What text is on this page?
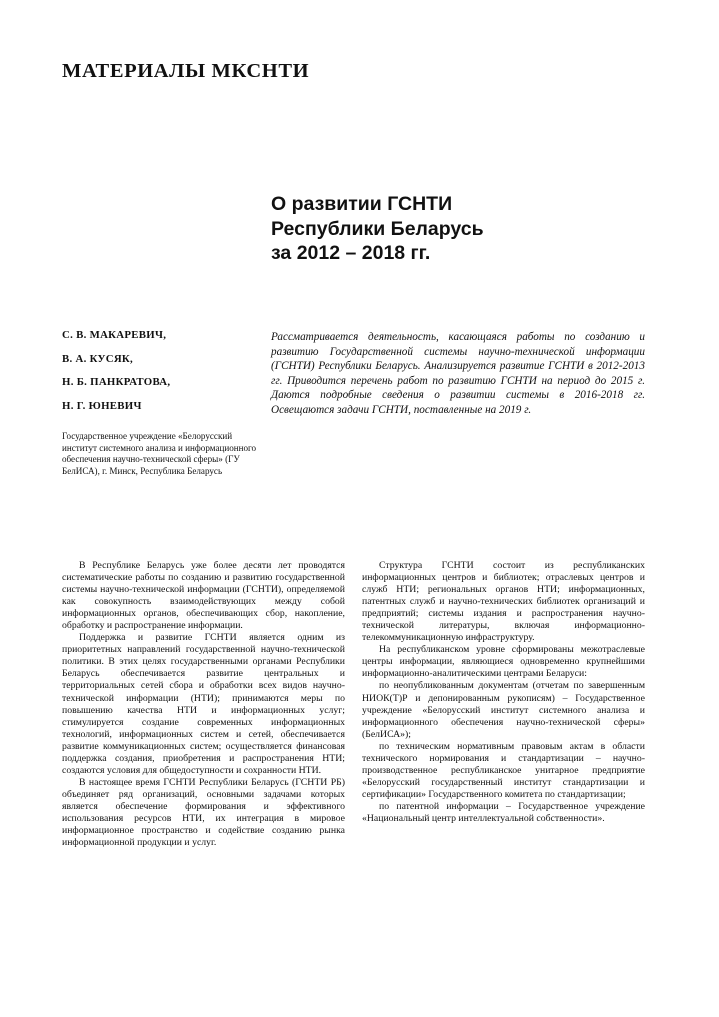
МАТЕРИАЛЫ МКСНТИ
О развитии ГСНТИ
Республики Беларусь
за 2012 – 2018 гг.
С. В. МАКАРЕВИЧ,
В. А. КУСЯК,
Н. Б. ПАНКРАТОВА,
Н. Г. ЮНЕВИЧ
Государственное учреждение «Белорусский институт системного анализа и информационного обеспечения научно-технической сферы» (ГУ БелИСА), г. Минск, Республика Беларусь

Рассматривается деятельность, касающаяся работы по созданию и развитию Государственной системы научно-технической информации (ГСНТИ) Республики Беларусь. Анализируется развитие ГСНТИ в 2012-2013 гг. Приводится перечень работ по развитию ГСНТИ на период до 2015 г. Даются подробные сведения о развитии системы в 2016-2018 гг. Освещаются задачи ГСНТИ, поставленные на 2019 г.

В Республике Беларусь уже более десяти лет проводятся систематические работы по созданию и развитию государственной системы научно-технической информации (ГСНТИ), определяемой как совокупность взаимодействующих между собой информационных органов, обеспечивающих сбор, накопление, обработку и распространение информации.

Поддержка и развитие ГСНТИ является одним из приоритетных направлений государственной научно-технической политики. В этих целях государственными органами Республики Беларусь обеспечивается развитие центральных и территориальных сетей сбора и обработки всех видов научно-технической информации (НТИ); принимаются меры по повышению качества НТИ и информационных услуг; стимулируется создание современных информационных технологий, информационных систем и сетей, обеспечивается развитие коммуникационных систем; осуществляется финансовая поддержка создания, приобретения и распространения НТИ; создаются условия для общедоступности и сохранности НТИ.

В настоящее время ГСНТИ Республики Беларусь (ГСНТИ РБ) объединяет ряд организаций, основными задачами которых является обеспечение формирования и эффективного использования ресурсов НТИ, их интеграция в мировое информационное пространство и содействие созданию рынка информационной продукции и услуг.

Структура ГСНТИ состоит из республиканских информационных центров и библиотек; отраслевых центров и служб НТИ; региональных органов НТИ; информационных, патентных служб и научно-технических библиотек организаций и предприятий; системы издания и распространения научно-технической литературы, включая информационно-телекоммуникационную инфраструктуру.

На республиканском уровне сформированы межотраслевые центры информации, являющиеся одновременно крупнейшими информационно-аналитическими центрами Беларуси:

по неопубликованным документам (отчетам по завершенным НИОК(Т)Р и депонированным рукописям) – Государственное учреждение «Белорусский институт системного анализа и информационного обеспечения научно-технической сферы» (БелИСА»);

по техническим нормативным правовым актам в области технического нормирования и стандартизации – научно-производственное республиканское унитарное предприятие «Белорусский государственный институт стандартизации и сертификации» Государственного комитета по стандартизации;

по патентной информации – Государственное учреждение «Национальный центр интеллектуальной собственности».
